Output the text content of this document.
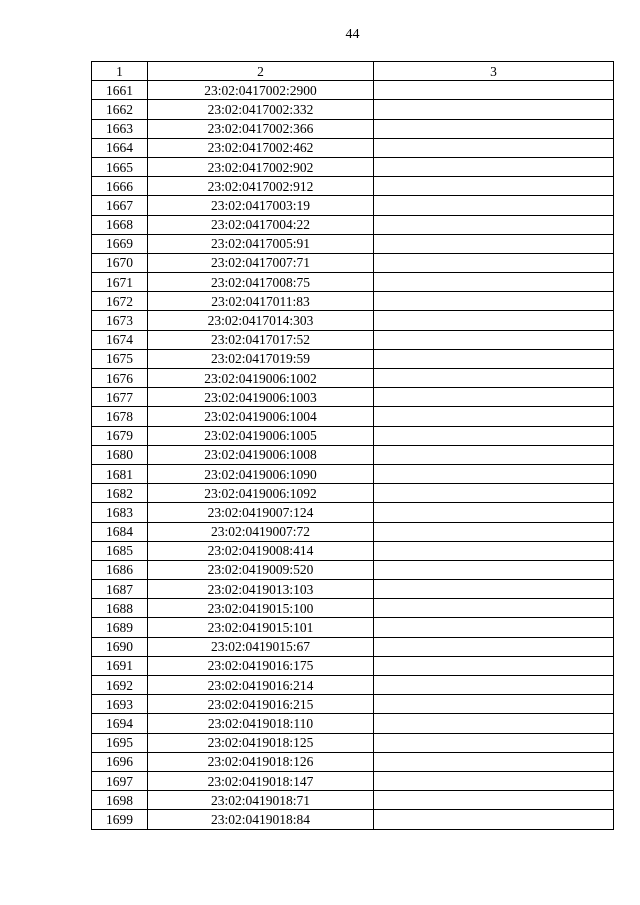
44
1	2	3
1661	23:02:0417002:2900	
1662	23:02:0417002:332	
1663	23:02:0417002:366	
1664	23:02:0417002:462	
1665	23:02:0417002:902	
1666	23:02:0417002:912	
1667	23:02:0417003:19	
1668	23:02:0417004:22	
1669	23:02:0417005:91	
1670	23:02:0417007:71	
1671	23:02:0417008:75	
1672	23:02:0417011:83	
1673	23:02:0417014:303	
1674	23:02:0417017:52	
1675	23:02:0417019:59	
1676	23:02:0419006:1002	
1677	23:02:0419006:1003	
1678	23:02:0419006:1004	
1679	23:02:0419006:1005	
1680	23:02:0419006:1008	
1681	23:02:0419006:1090	
1682	23:02:0419006:1092	
1683	23:02:0419007:124	
1684	23:02:0419007:72	
1685	23:02:0419008:414	
1686	23:02:0419009:520	
1687	23:02:0419013:103	
1688	23:02:0419015:100	
1689	23:02:0419015:101	
1690	23:02:0419015:67	
1691	23:02:0419016:175	
1692	23:02:0419016:214	
1693	23:02:0419016:215	
1694	23:02:0419018:110	
1695	23:02:0419018:125	
1696	23:02:0419018:126	
1697	23:02:0419018:147	
1698	23:02:0419018:71	
1699	23:02:0419018:84	
